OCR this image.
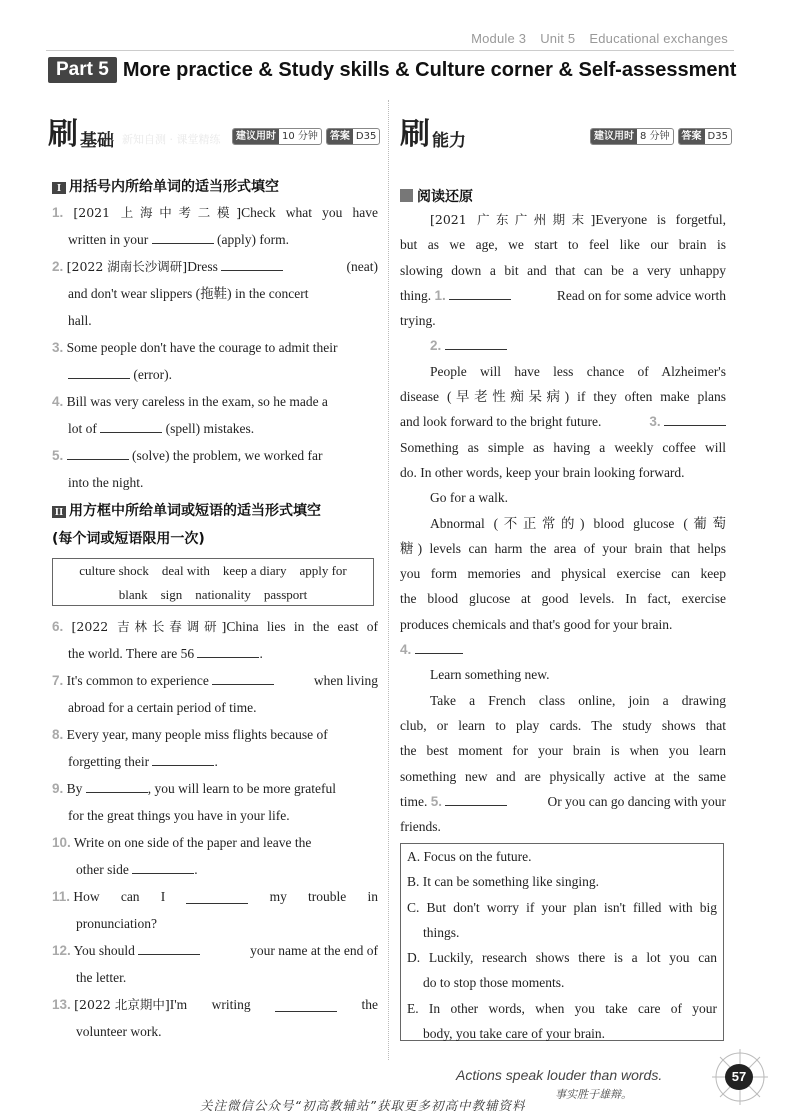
Module 3 Unit 5 Educational exchanges
Part 5 More practice & Study skills & Culture corner & Self-assessment
刷 基础 新知自测 · 课堂精练	建议用时 10 分钟	答案 D35
I 用括号内所给单词的适当形式填空
1. [2021 上海中考二模]Check what you have
written in your	(apply) form.
2. [2022 湖南长沙调研]Dress	(neat)
and don't wear slippers (拖鞋) in the concert
hall.
3. Some people don't have the courage to admit their
(error).
4. Bill was very careless in the exam, so he made a
lot of	(spell) mistakes.
5.	(solve) the problem, we worked far
into the night.
II 用方框中所给单词或短语的适当形式填空
(每个词或短语限用一次)
culture shock deal with keep a diary apply for
blank sign nationality passport
6. [2022 吉林长春调研]China lies in the east of
the world. There are 56	.
7. It's common to experience	when living
abroad for a certain period of time.
8. Every year, many people miss flights because of
forgetting their	.
9. By	, you will learn to be more grateful
for the great things you have in your life.
10. Write on one side of the paper and leave the
other side	.
11. How can I	my trouble in
pronunciation?
12. You should	your name at the end of
the letter.
13. [2022 北京期中]I'm writing	the
volunteer work.
刷 能力	建议用时 8 分钟	答案 D35
阅读还原
[2021 广东广州期末]Everyone is forgetful,
but as we age, we start to feel like our brain is
slowing down a bit and that can be a very unhappy
thing. 1.	Read on for some advice worth
trying.
2.
People will have less chance of Alzheimer's
disease (早老性痴呆病) if they often make plans
and look forward to the bright future.	3.
Something as simple as having a weekly coffee will
do. In other words, keep your brain looking forward.
Go for a walk.
Abnormal (不正常的) blood glucose (葡萄
糖) levels can harm the area of your brain that helps
you form memories and physical exercise can keep
the blood glucose at good levels. In fact, exercise
produces chemicals and that's good for your brain.
4.
Learn something new.
Take a French class online, join a drawing
club, or learn to play cards. The study shows that
the best moment for your brain is when you learn
something new and are physically active at the same
time. 5.	Or you can go dancing with your
friends.
A. Focus on the future.
B. It can be something like singing.
C. But don't worry if your plan isn't filled with big
things.
D. Luckily, research shows there is a lot you can
do to stop those moments.
E. In other words, when you take care of your
body, you take care of your brain.
Actions speak louder than words.
事实胜于雄辩。
57
关注微信公众号“初高教辅站”获取更多初高中教辅资料
